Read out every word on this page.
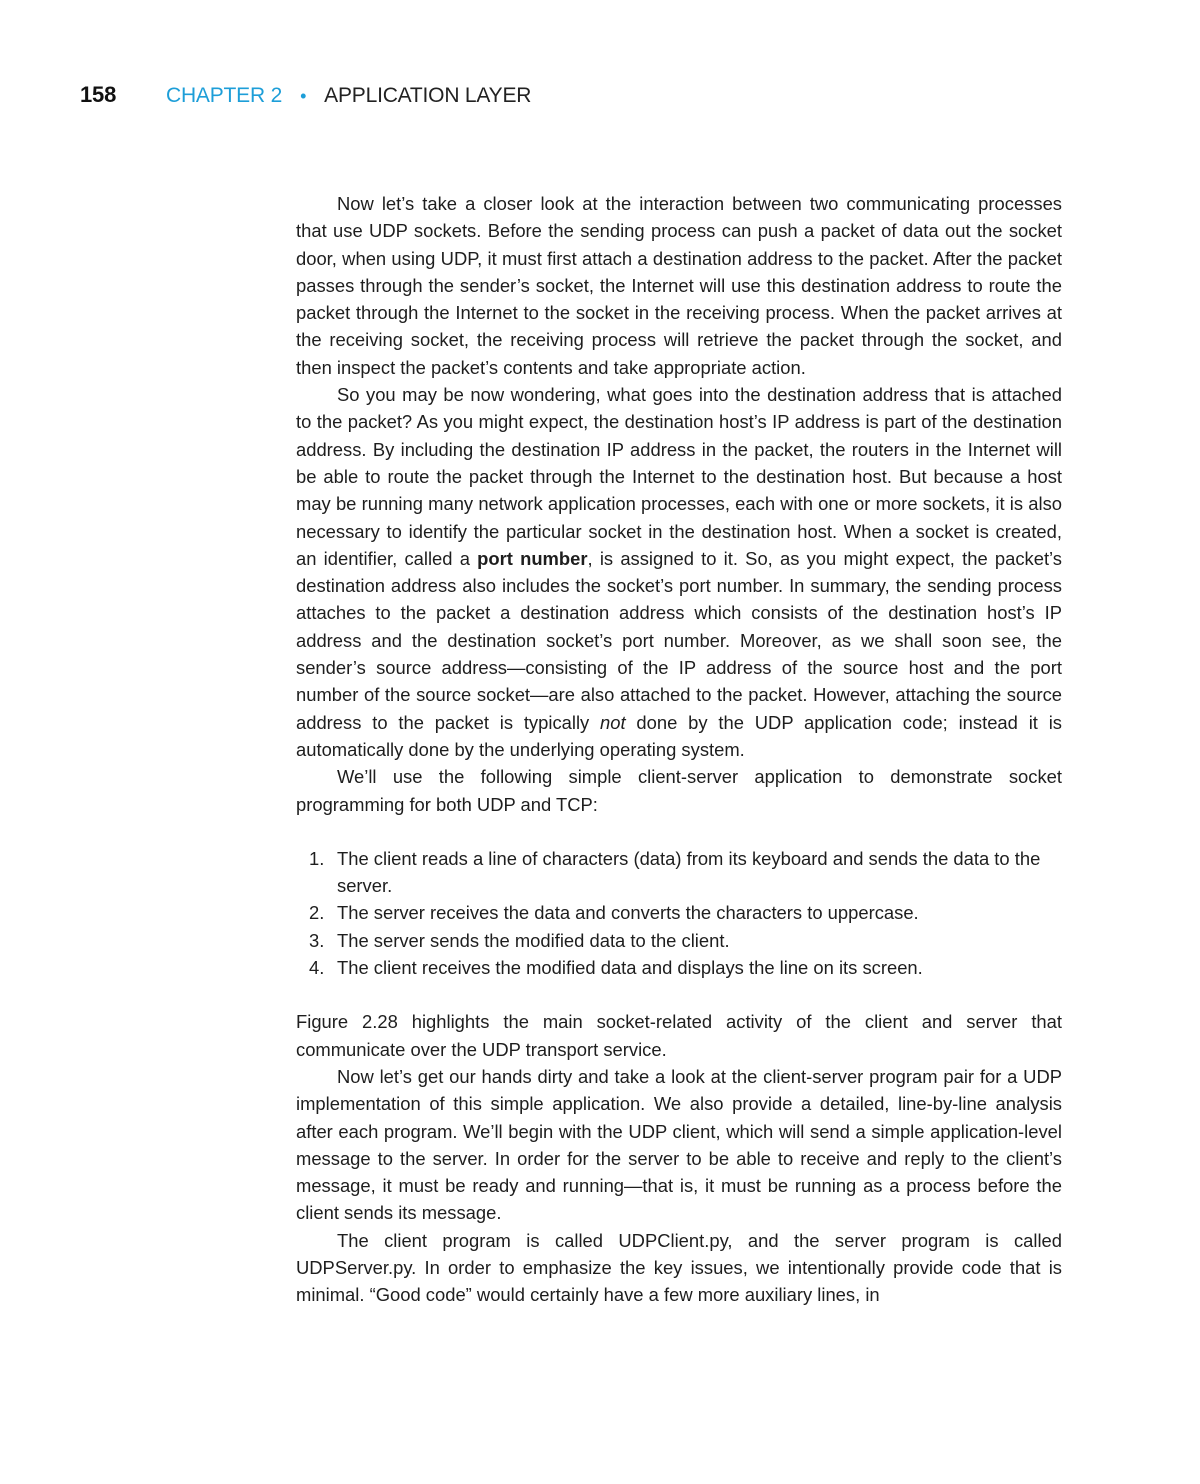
158	CHAPTER 2 • APPLICATION LAYER

Now let’s take a closer look at the interaction between two communicating processes that use UDP sockets. Before the sending process can push a packet of data out the socket door, when using UDP, it must first attach a destination address to the packet. After the packet passes through the sender’s socket, the Internet will use this destination address to route the packet through the Internet to the socket in the receiving process. When the packet arrives at the receiving socket, the receiving process will retrieve the packet through the socket, and then inspect the packet’s contents and take appropriate action.

So you may be now wondering, what goes into the destination address that is attached to the packet? As you might expect, the destination host’s IP address is part of the destination address. By including the destination IP address in the packet, the routers in the Internet will be able to route the packet through the Internet to the destination host. But because a host may be running many network application processes, each with one or more sockets, it is also necessary to identify the particular socket in the destination host. When a socket is created, an identifier, called a port number, is assigned to it. So, as you might expect, the packet’s destination address also includes the socket’s port number. In summary, the sending process attaches to the packet a destination address which consists of the destination host’s IP address and the destination socket’s port number. Moreover, as we shall soon see, the sender’s source address—consisting of the IP address of the source host and the port number of the source socket—are also attached to the packet. However, attaching the source address to the packet is typically not done by the UDP application code; instead it is automatically done by the underlying operating system.

We’ll use the following simple client-server application to demonstrate socket programming for both UDP and TCP:

1. The client reads a line of characters (data) from its keyboard and sends the data to the server.
2. The server receives the data and converts the characters to uppercase.
3. The server sends the modified data to the client.
4. The client receives the modified data and displays the line on its screen.

Figure 2.28 highlights the main socket-related activity of the client and server that communicate over the UDP transport service.

Now let’s get our hands dirty and take a look at the client-server program pair for a UDP implementation of this simple application. We also provide a detailed, line-by-line analysis after each program. We’ll begin with the UDP client, which will send a simple application-level message to the server. In order for the server to be able to receive and reply to the client’s message, it must be ready and running—that is, it must be running as a process before the client sends its message.

The client program is called UDPClient.py, and the server program is called UDPServer.py. In order to emphasize the key issues, we intentionally provide code that is minimal. “Good code” would certainly have a few more auxiliary lines, in
